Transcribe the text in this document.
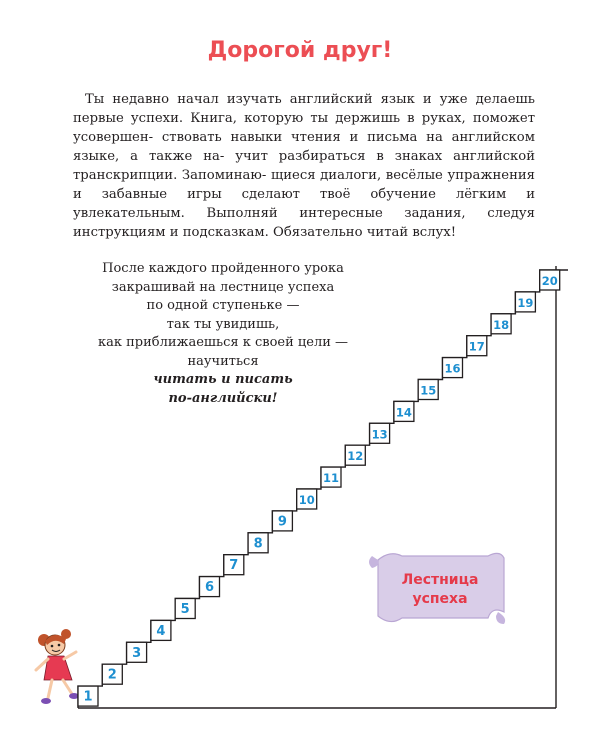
Дорогой друг!

Ты недавно начал изучать английский язык и уже делаешь первые успехи. Книга, которую ты держишь в руках, поможет усовершен- ствовать навыки чтения и письма на английском языке, а также на- учит разбираться в знаках английской транскрипции. Запоминаю- щиеся диалоги, весёлые упражнения и забавные игры сделают твоё обучение лёгким и увлекательным. Выполняй интересные задания, следуя инструкциям и подсказкам. Обязательно читай вслух!

После каждого пройденного урока
закрашивай на лестнице успеха
по одной ступеньке —
так ты увидишь,
как приближаешься к своей цели —
научиться
читать и писать
по-английски!
1
2
3
4
5
6
7
8
9
10
11
12
13
14
15
16
17
18
19
20
Лестница
успеха
